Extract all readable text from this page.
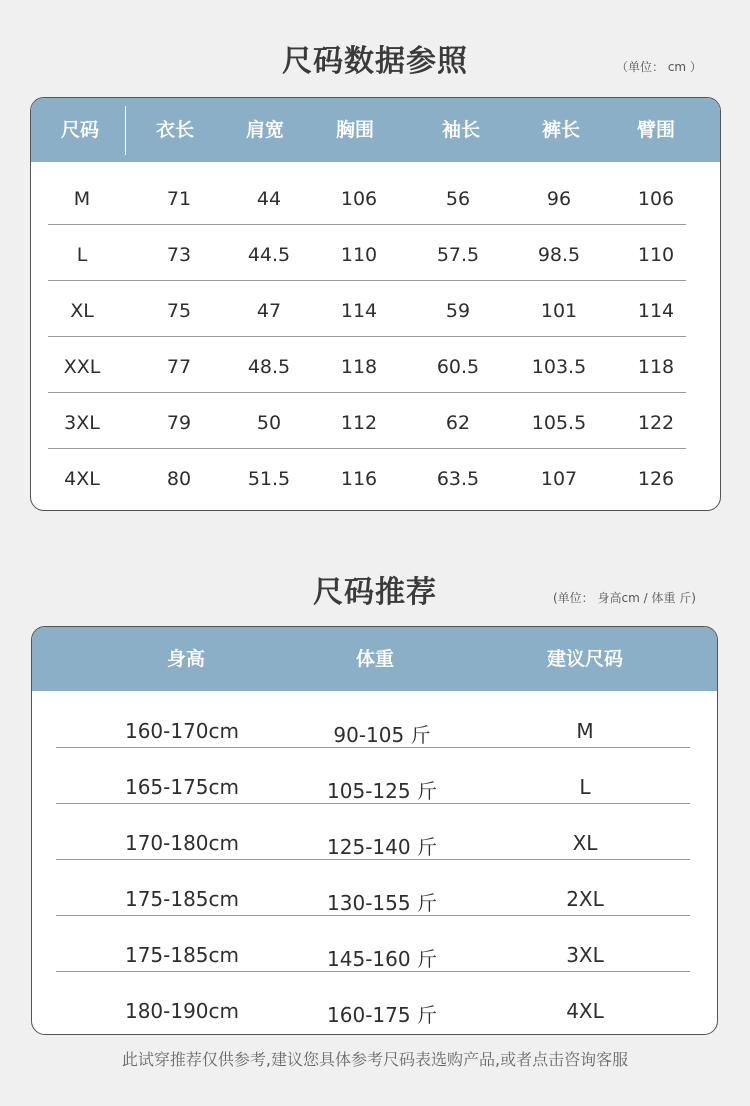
尺码数据参照	（单位： cm ）
尺码	衣长	肩宽	胸围	袖长	裤长	臂围
M	71	44	106	56	96	106
L	73	44.5	110	57.5	98.5	110
XL	75	47	114	59	101	114
XXL	77	48.5	118	60.5	103.5	118
3XL	79	50	112	62	105.5	122
4XL	80	51.5	116	63.5	107	126
尺码推荐	(单位： 身高cm / 体重 斤)
身高	体重	建议尺码
160-170cm	90-105 斤	M
165-175cm	105-125 斤	L
170-180cm	125-140 斤	XL
175-185cm	130-155 斤	2XL
175-185cm	145-160 斤	3XL
180-190cm	160-175 斤	4XL
此试穿推荐仅供参考,建议您具体参考尺码表选购产品,或者点击咨询客服
